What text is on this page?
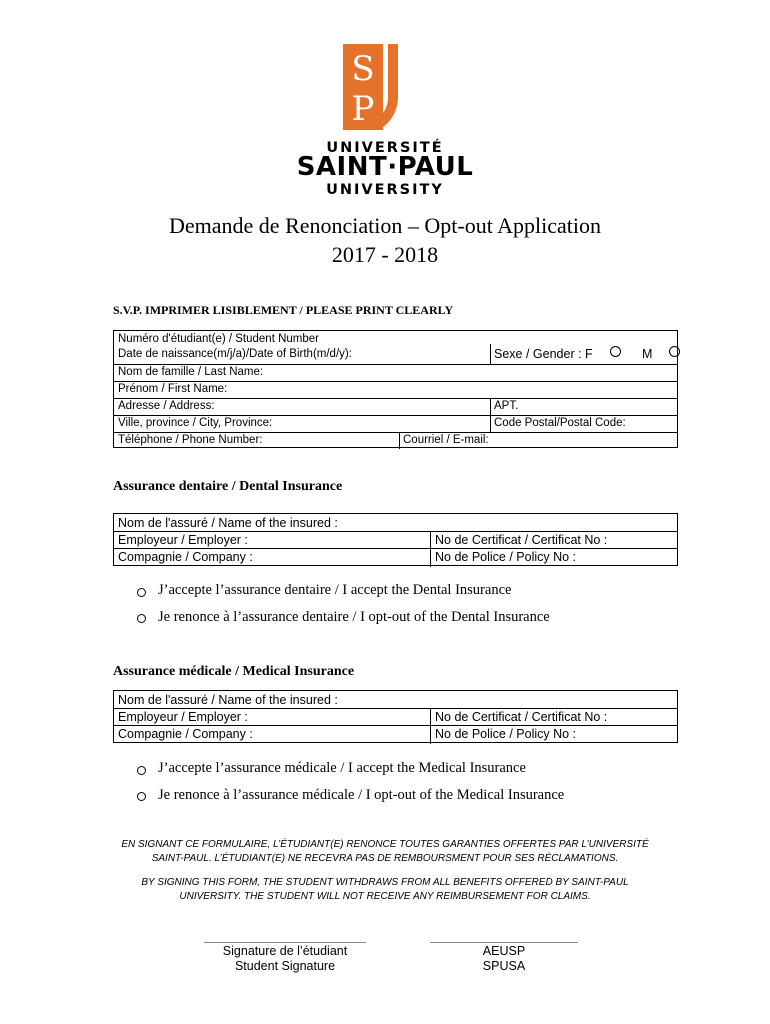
S
P
UNIVERSITÉ
SAINT·PAUL
UNIVERSITY
Demande de Renonciation – Opt-out Application
2017 - 2018
S.V.P. IMPRIMER LISIBLEMENT / PLEASE PRINT CLEARLY
Numéro d'étudiant(e) / Student Number
Date de naissance(m/j/a)/Date of Birth(m/d/y):	Sexe / Gender : F	M
Nom de famille / Last Name:
Prénom / First Name:
Adresse / Address:	APT.
Ville, province / City, Province:	Code Postal/Postal Code:
Téléphone / Phone Number:	Courriel / E-mail:
Assurance dentaire / Dental Insurance
Nom de l'assuré / Name of the insured :
Employeur / Employer :	No de Certificat / Certificat No :
Compagnie / Company :	No de Police / Policy No :
J’accepte l’assurance dentaire / I accept the Dental Insurance
Je renonce à l’assurance dentaire / I opt-out of the Dental Insurance
Assurance médicale / Medical Insurance
Nom de l'assuré / Name of the insured :
Employeur / Employer :	No de Certificat / Certificat No :
Compagnie / Company :	No de Police / Policy No :
J’accepte l’assurance médicale / I accept the Medical Insurance
Je renonce à l’assurance médicale / I opt-out of the Medical Insurance
EN SIGNANT CE FORMULAIRE, L’ÉTUDIANT(E) RENONCE TOUTES GARANTIES OFFERTES PAR L’UNIVERSITÉ
SAINT-PAUL. L’ÉTUDIANT(E) NE RECEVRA PAS DE REMBOURSMENT POUR SES RÉCLAMATIONS.
BY SIGNING THIS FORM, THE STUDENT WITHDRAWS FROM ALL BENEFITS OFFERED BY SAINT-PAUL
UNIVERSITY. THE STUDENT WILL NOT RECEIVE ANY REIMBURSEMENT FOR CLAIMS.
Signature de l’étudiant
Student Signature
AEUSP
SPUSA
